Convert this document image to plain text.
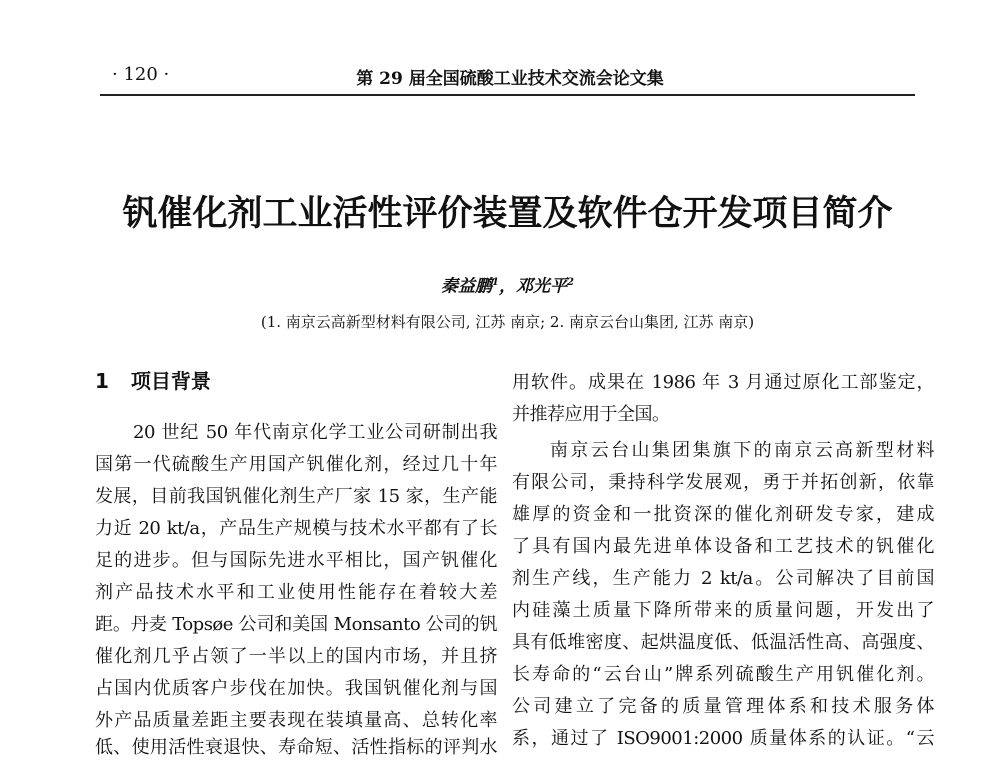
· 120 ·	第 29 届全国硫酸工业技术交流会论文集
钒催化剂工业活性评价装置及软件仓开发项目简介
秦益鹏$^1$，邓光平$^2$
(1. 南京云高新型材料有限公司, 江苏 南京; 2. 南京云台山集团, 江苏 南京)
1 项目背景
20 世纪 50 年代南京化学工业公司研制出我
国第一代硫酸生产用国产钒催化剂，经过几十年
发展，目前我国钒催化剂生产厂家 15 家，生产能
力近 20 kt/a，产品生产规模与技术水平都有了长
足的进步。但与国际先进水平相比，国产钒催化
剂产品技术水平和工业使用性能存在着较大差
距。丹麦 Topsøe 公司和美国 Monsanto 公司的钒
催化剂几乎占领了一半以上的国内市场，并且挤
占国内优质客户步伐在加快。我国钒催化剂与国
外产品质量差距主要表现在装填量高、总转化率
低、使用活性衰退快、寿命短、活性指标的评判水
用软件。成果在 1986 年 3 月通过原化工部鉴定，
并推荐应用于全国。
南京云台山集团集旗下的南京云高新型材料
有限公司，秉持科学发展观，勇于并拓创新，依靠
雄厚的资金和一批资深的催化剂研发专家，建成
了具有国内最先进单体设备和工艺技术的钒催化
剂生产线，生产能力 2 kt/a。公司解决了目前国
内硅藻土质量下降所带来的质量问题，开发出了
具有低堆密度、起烘温度低、低温活性高、高强度、
长寿命的“云台山”牌系列硫酸生产用钒催化剂。
公司建立了完备的质量管理体系和技术服务体
系，通过了 ISO9001:2000 质量体系的认证。“云
